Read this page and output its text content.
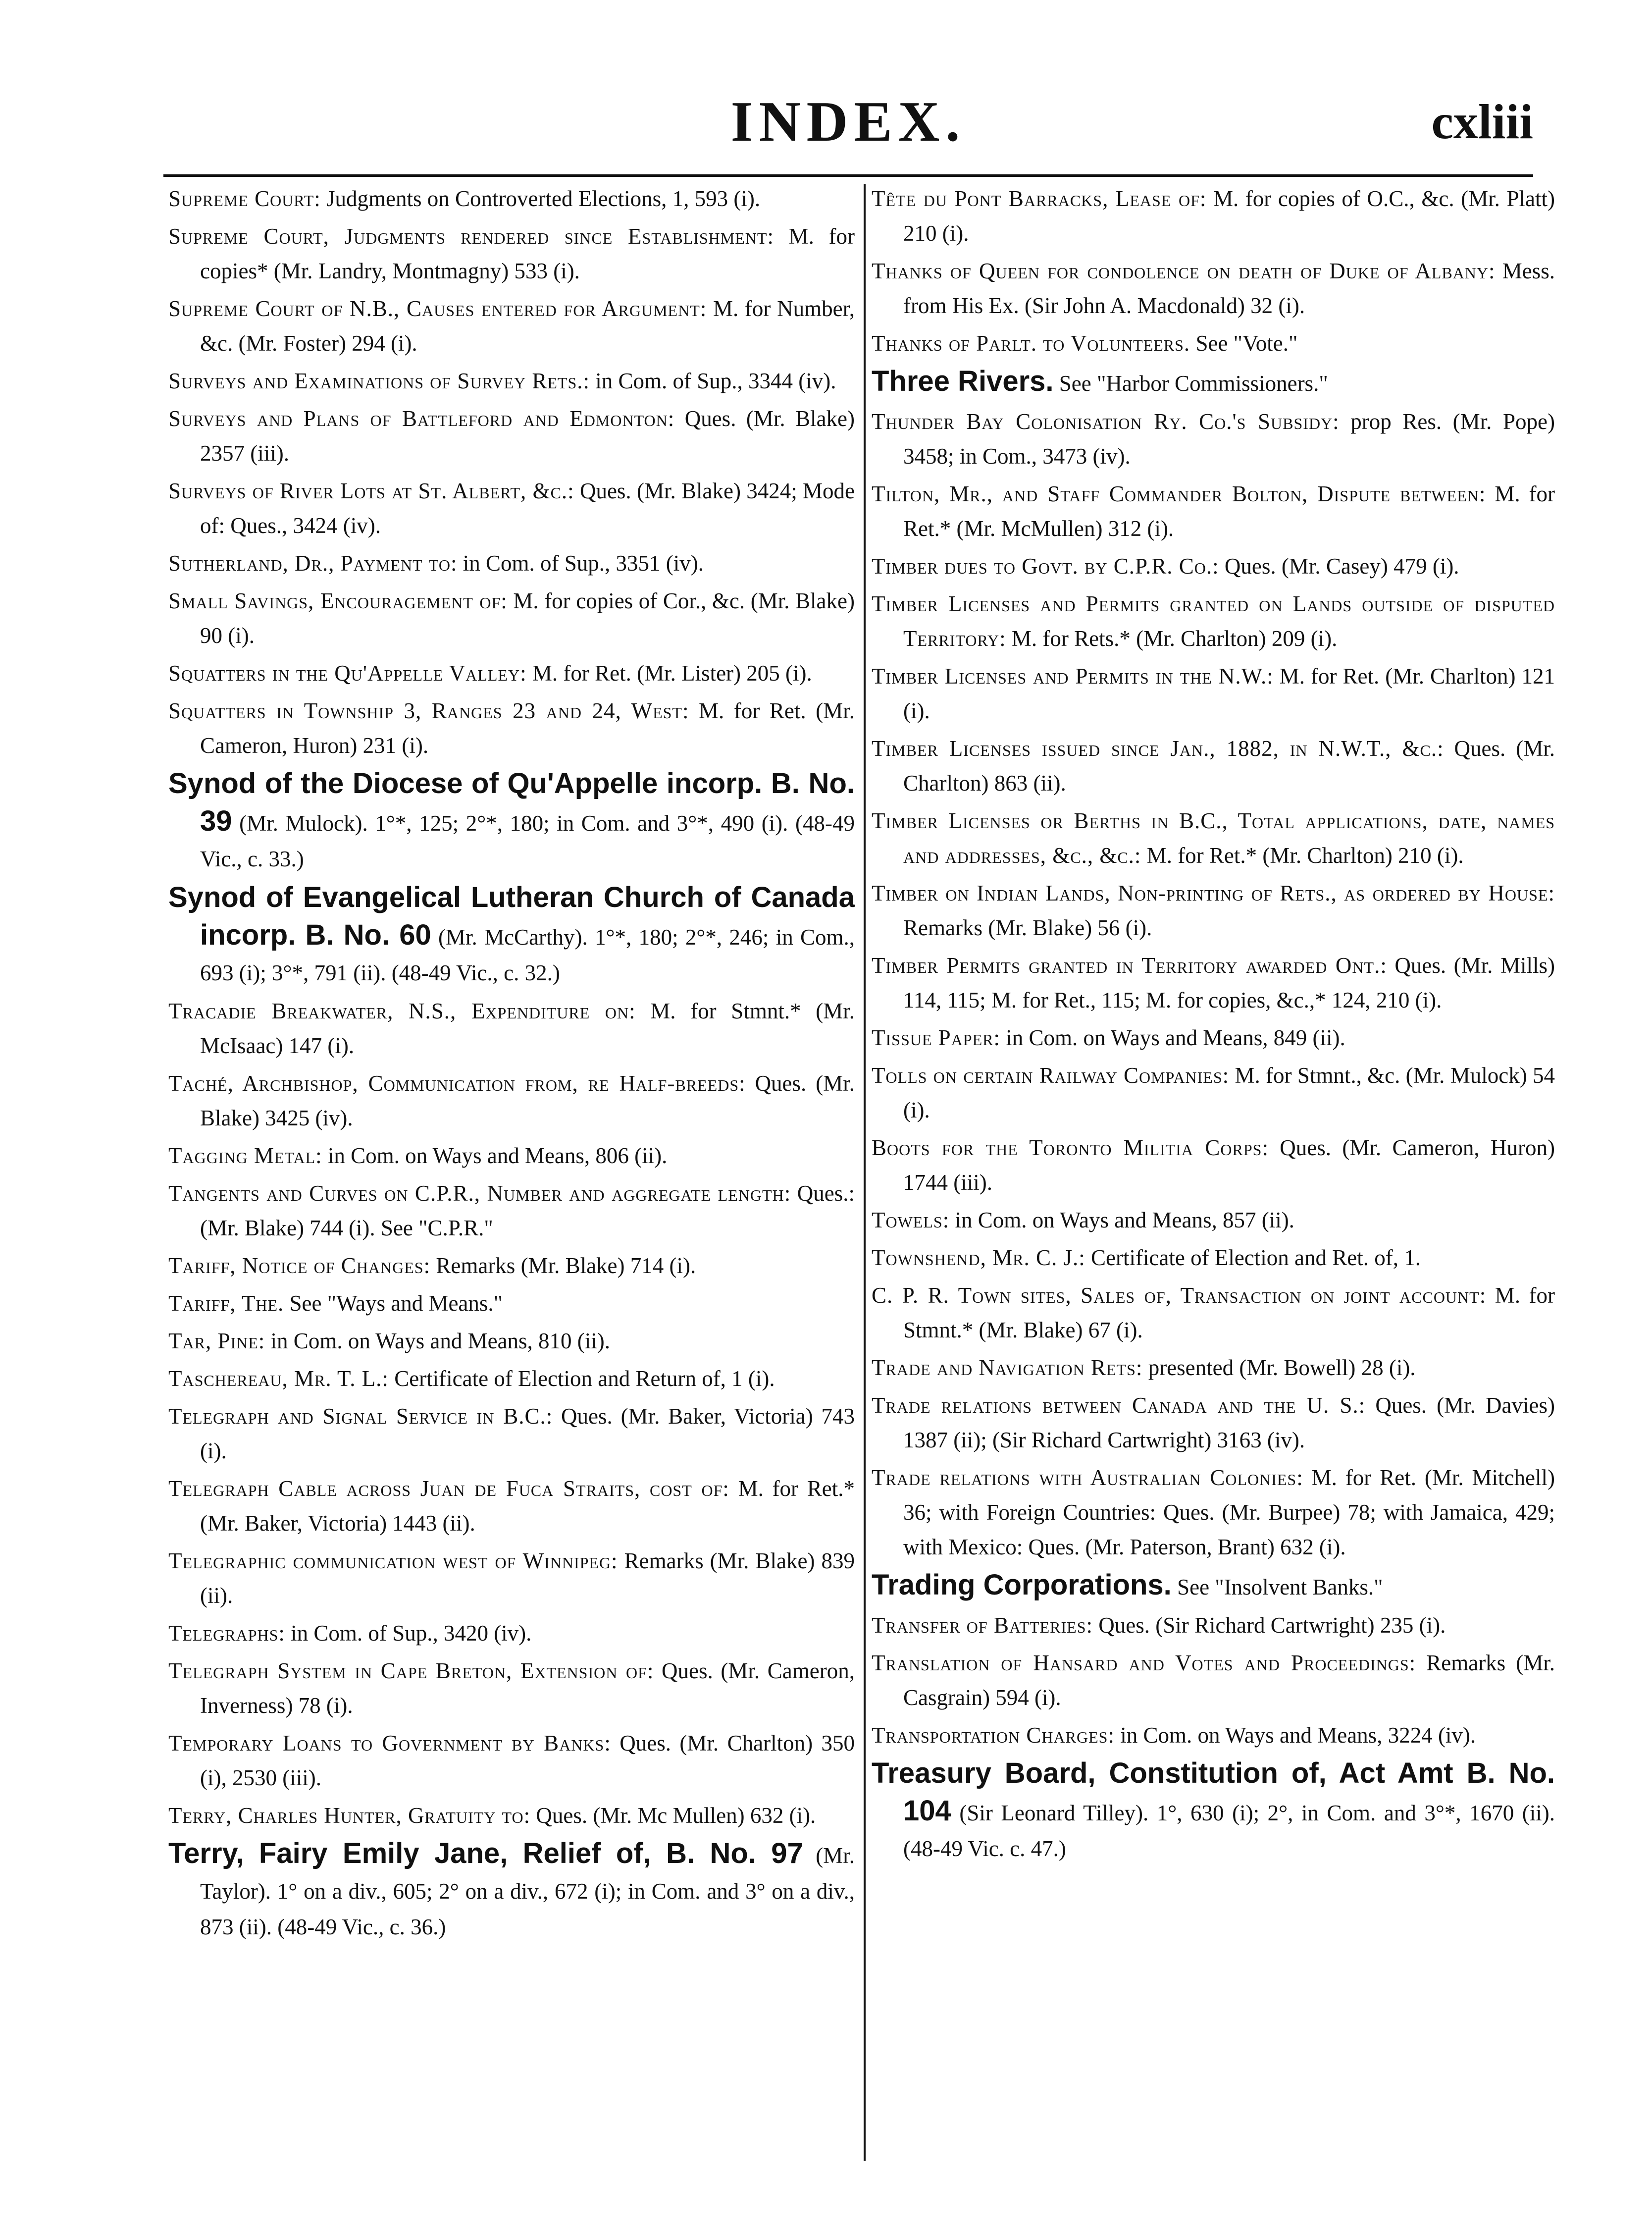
INDEX.	cxliii

Supreme Court: Judgments on Controverted Elections, 1, 593 (i).

Supreme Court, Judgments rendered since Establishment: M. for copies* (Mr. Landry, Montmagny) 533 (i).

Supreme Court of N.B., Causes entered for Argument: M. for Number, &c. (Mr. Foster) 294 (i).

Surveys and Examinations of Survey Rets.: in Com. of Sup., 3344 (iv).

Surveys and Plans of Battleford and Edmonton: Ques. (Mr. Blake) 2357 (iii).

Surveys of River Lots at St. Albert, &c.: Ques. (Mr. Blake) 3424; Mode of: Ques., 3424 (iv).

Sutherland, Dr., Payment to: in Com. of Sup., 3351 (iv).

Small Savings, Encouragement of: M. for copies of Cor., &c. (Mr. Blake) 90 (i).

Squatters in the Qu'Appelle Valley: M. for Ret. (Mr. Lister) 205 (i).

Squatters in Township 3, Ranges 23 and 24, West: M. for Ret. (Mr. Cameron, Huron) 231 (i).

Synod of the Diocese of Qu'Appelle incorp. B. No. 39 (Mr. Mulock). 1°*, 125; 2°*, 180; in Com. and 3°*, 490 (i). (48-49 Vic., c. 33.)

Synod of Evangelical Lutheran Church of Canada incorp. B. No. 60 (Mr. McCarthy). 1°*, 180; 2°*, 246; in Com., 693 (i); 3°*, 791 (ii). (48-49 Vic., c. 32.)

Tracadie Breakwater, N.S., Expenditure on: M. for Stmnt.* (Mr. McIsaac) 147 (i).

Taché, Archbishop, Communication from, re Half-breeds: Ques. (Mr. Blake) 3425 (iv).

Tagging Metal: in Com. on Ways and Means, 806 (ii).

Tangents and Curves on C.P.R., Number and aggregate length: Ques.: (Mr. Blake) 744 (i). See "C.P.R."

Tariff, Notice of Changes: Remarks (Mr. Blake) 714 (i).

Tariff, The. See "Ways and Means."

Tar, Pine: in Com. on Ways and Means, 810 (ii).

Taschereau, Mr. T. L.: Certificate of Election and Return of, 1 (i).

Telegraph and Signal Service in B.C.: Ques. (Mr. Baker, Victoria) 743 (i).

Telegraph Cable across Juan de Fuca Straits, cost of: M. for Ret.* (Mr. Baker, Victoria) 1443 (ii).

Telegraphic communication west of Winnipeg: Remarks (Mr. Blake) 839 (ii).

Telegraphs: in Com. of Sup., 3420 (iv).

Telegraph System in Cape Breton, Extension of: Ques. (Mr. Cameron, Inverness) 78 (i).

Temporary Loans to Government by Banks: Ques. (Mr. Charlton) 350 (i), 2530 (iii).

Terry, Charles Hunter, Gratuity to: Ques. (Mr. Mc Mullen) 632 (i).

Terry, Fairy Emily Jane, Relief of, B. No. 97 (Mr. Taylor). 1° on a div., 605; 2° on a div., 672 (i); in Com. and 3° on a div., 873 (ii). (48-49 Vic., c. 36.)

Tête du Pont Barracks, Lease of: M. for copies of O.C., &c. (Mr. Platt) 210 (i).

Thanks of Queen for condolence on death of Duke of Albany: Mess. from His Ex. (Sir John A. Macdonald) 32 (i).

Thanks of Parlt. to Volunteers. See "Vote."

Three Rivers. See "Harbor Commissioners."

Thunder Bay Colonisation Ry. Co.'s Subsidy: prop Res. (Mr. Pope) 3458; in Com., 3473 (iv).

Tilton, Mr., and Staff Commander Bolton, Dispute between: M. for Ret.* (Mr. McMullen) 312 (i).

Timber dues to Govt. by C.P.R. Co.: Ques. (Mr. Casey) 479 (i).

Timber Licenses and Permits granted on Lands outside of disputed Territory: M. for Rets.* (Mr. Charlton) 209 (i).

Timber Licenses and Permits in the N.W.: M. for Ret. (Mr. Charlton) 121 (i).

Timber Licenses issued since Jan., 1882, in N.W.T., &c.: Ques. (Mr. Charlton) 863 (ii).

Timber Licenses or Berths in B.C., Total applications, date, names and addresses, &c., &c.: M. for Ret.* (Mr. Charlton) 210 (i).

Timber on Indian Lands, Non-printing of Rets., as ordered by House: Remarks (Mr. Blake) 56 (i).

Timber Permits granted in Territory awarded Ont.: Ques. (Mr. Mills) 114, 115; M. for Ret., 115; M. for copies, &c.,* 124, 210 (i).

Tissue Paper: in Com. on Ways and Means, 849 (ii).

Tolls on certain Railway Companies: M. for Stmnt., &c. (Mr. Mulock) 54 (i).

Boots for the Toronto Militia Corps: Ques. (Mr. Cameron, Huron) 1744 (iii).

Towels: in Com. on Ways and Means, 857 (ii).

Townshend, Mr. C. J.: Certificate of Election and Ret. of, 1.

C. P. R. Town sites, Sales of, Transaction on joint account: M. for Stmnt.* (Mr. Blake) 67 (i).

Trade and Navigation Rets: presented (Mr. Bowell) 28 (i).

Trade relations between Canada and the U. S.: Ques. (Mr. Davies) 1387 (ii); (Sir Richard Cartwright) 3163 (iv).

Trade relations with Australian Colonies: M. for Ret. (Mr. Mitchell) 36; with Foreign Countries: Ques. (Mr. Burpee) 78; with Jamaica, 429; with Mexico: Ques. (Mr. Paterson, Brant) 632 (i).

Trading Corporations. See "Insolvent Banks."

Transfer of Batteries: Ques. (Sir Richard Cartwright) 235 (i).

Translation of Hansard and Votes and Proceedings: Remarks (Mr. Casgrain) 594 (i).

Transportation Charges: in Com. on Ways and Means, 3224 (iv).

Treasury Board, Constitution of, Act Amt B. No. 104 (Sir Leonard Tilley). 1°, 630 (i); 2°, in Com. and 3°*, 1670 (ii). (48-49 Vic. c. 47.)
